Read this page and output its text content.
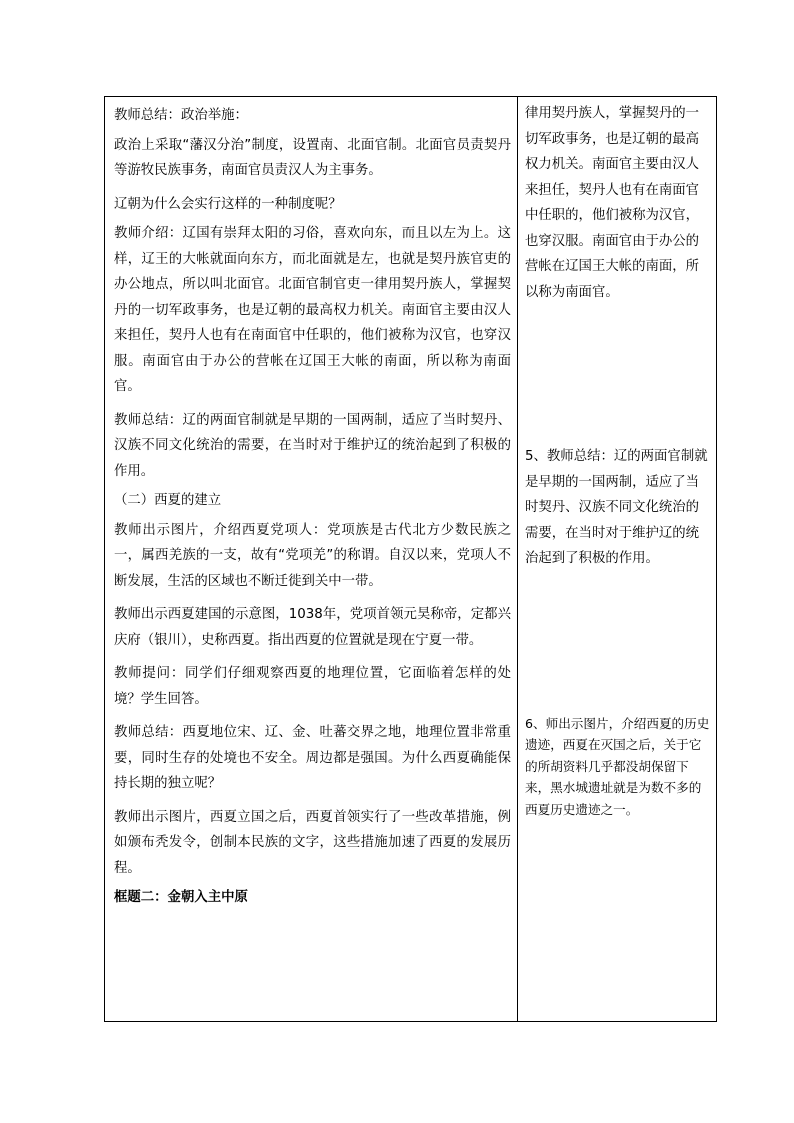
教师总结：政治举施：

政治上采取“藩汉分治”制度，设置南、北面官制。北面官员责契丹等游牧民族事务，南面官员责汉人为主事务。

辽朝为什么会实行这样的一种制度呢？

教师介绍：辽国有崇拜太阳的习俗，喜欢向东，而且以左为上。这样，辽王的大帐就面向东方，而北面就是左，也就是契丹族官吏的办公地点，所以叫北面官。北面官制官吏一律用契丹族人，掌握契丹的一切军政事务，也是辽朝的最高权力机关。南面官主要由汉人来担任，契丹人也有在南面官中任职的，他们被称为汉官，也穿汉服。南面官由于办公的营帐在辽国王大帐的南面，所以称为南面官。

教师总结：辽的两面官制就是早期的一国两制，适应了当时契丹、汉族不同文化统治的需要，在当时对于维护辽的统治起到了积极的作用。

（二）西夏的建立

教师出示图片，介绍西夏党项人：党项族是古代北方少数民族之一，属西羌族的一支，故有“党项羌”的称谓。自汉以来，党项人不断发展，生活的区域也不断迁徙到关中一带。

教师出示西夏建国的示意图，1038年，党项首领元昊称帝，定都兴庆府（银川），史称西夏。指出西夏的位置就是现在宁夏一带。

教师提问：同学们仔细观察西夏的地理位置，它面临着怎样的处境？学生回答。

教师总结：西夏地位宋、辽、金、吐蕃交界之地，地理位置非常重要，同时生存的处境也不安全。周边都是强国。为什么西夏确能保持长期的独立呢？

教师出示图片，西夏立国之后，西夏首领实行了一些改革措施，例如颁布秃发令，创制本民族的文字，这些措施加速了西夏的发展历程。

框题二：金朝入主中原

律用契丹族人，掌握契丹的一切军政事务，也是辽朝的最高权力机关。南面官主要由汉人来担任，契丹人也有在南面官中任职的，他们被称为汉官，也穿汉服。南面官由于办公的营帐在辽国王大帐的南面，所以称为南面官。

5、教师总结：辽的两面官制就是早期的一国两制，适应了当时契丹、汉族不同文化统治的需要，在当时对于维护辽的统治起到了积极的作用。

6、师出示图片，介绍西夏的历史遗迹，西夏在灭国之后，关于它的所胡资料几乎都没胡保留下来，黑水城遗址就是为数不多的西夏历史遗迹之一。
